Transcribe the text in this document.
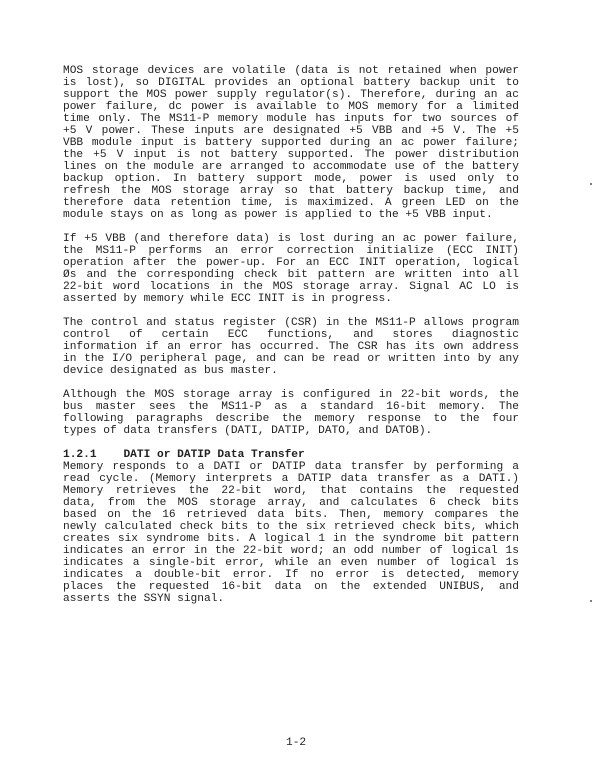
MOS storage devices are volatile (data is not retained when power
is lost), so DIGITAL provides an optional battery backup unit to
support the MOS power supply regulator(s). Therefore, during an ac
power failure, dc power is available to MOS memory for a limited
time only. The MS11-P memory module has inputs for two sources of
+5 V power. These inputs are designated +5 VBB and +5 V. The +5
VBB module input is battery supported during an ac power failure;
the +5 V input is not battery supported. The power distribution
lines on the module are arranged to accommodate use of the battery
backup option. In battery support mode, power is used only to
refresh the MOS storage array so that battery backup time, and
therefore data retention time, is maximized. A green LED on the
module stays on as long as power is applied to the +5 VBB input.
If +5 VBB (and therefore data) is lost during an ac power failure,
the MS11-P performs an error correction initialize (ECC INIT)
operation after the power-up. For an ECC INIT operation, logical
Øs and the corresponding check bit pattern are written into all
22-bit word locations in the MOS storage array. Signal AC LO is
asserted by memory while ECC INIT is in progress.
The control and status register (CSR) in the MS11-P allows program
control of certain ECC functions, and stores diagnostic
information if an error has occurred. The CSR has its own address
in the I/O peripheral page, and can be read or written into by any
device designated as bus master.
Although the MOS storage array is configured in 22-bit words, the
bus master sees the MS11-P as a standard 16-bit memory. The
following paragraphs describe the memory response to the four
types of data transfers (DATI, DATIP, DATO, and DATOB).
1.2.1 DATI or DATIP Data Transfer
Memory responds to a DATI or DATIP data transfer by performing a
read cycle. (Memory interprets a DATIP data transfer as a DATI.)
Memory retrieves the 22-bit word, that contains the requested
data, from the MOS storage array, and calculates 6 check bits
based on the 16 retrieved data bits. Then, memory compares the
newly calculated check bits to the six retrieved check bits, which
creates six syndrome bits. A logical 1 in the syndrome bit pattern
indicates an error in the 22-bit word; an odd number of logical 1s
indicates a single-bit error, while an even number of logical 1s
indicates a double-bit error. If no error is detected, memory
places the requested 16-bit data on the extended UNIBUS, and
asserts the SSYN signal.
1-2
